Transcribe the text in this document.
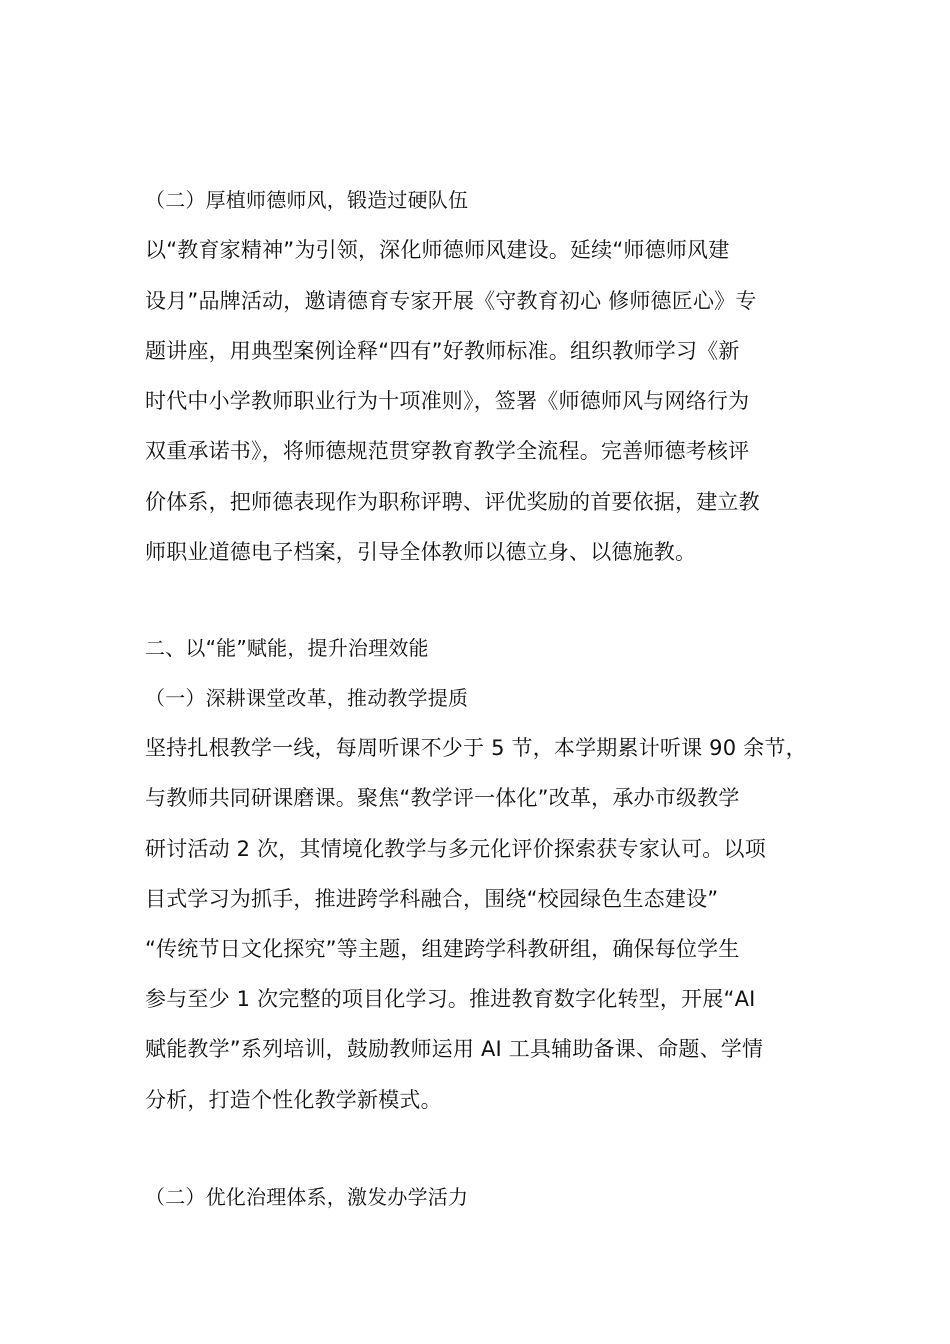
（二）厚植师德师风，锻造过硬队伍
以“教育家精神”为引领，深化师德师风建设。延续“师德师风建
设月”品牌活动，邀请德育专家开展《守教育初心 修师德匠心》专
题讲座，用典型案例诠释“四有”好教师标准。组织教师学习《新
时代中小学教师职业行为十项准则》，签署《师德师风与网络行为
双重承诺书》，将师德规范贯穿教育教学全流程。完善师德考核评
价体系，把师德表现作为职称评聘、评优奖励的首要依据，建立教
师职业道德电子档案，引导全体教师以德立身、以德施教。
二、以“能”赋能，提升治理效能
（一）深耕课堂改革，推动教学提质
坚持扎根教学一线，每周听课不少于 5 节，本学期累计听课 90 余节，
与教师共同研课磨课。聚焦“教学评一体化”改革，承办市级教学
研讨活动 2 次，其情境化教学与多元化评价探索获专家认可。以项
目式学习为抓手，推进跨学科融合，围绕“校园绿色生态建设”
“传统节日文化探究”等主题，组建跨学科教研组，确保每位学生
参与至少 1 次完整的项目化学习。推进教育数字化转型，开展“AI
赋能教学”系列培训，鼓励教师运用 AI 工具辅助备课、命题、学情
分析，打造个性化教学新模式。
（二）优化治理体系，激发办学活力
